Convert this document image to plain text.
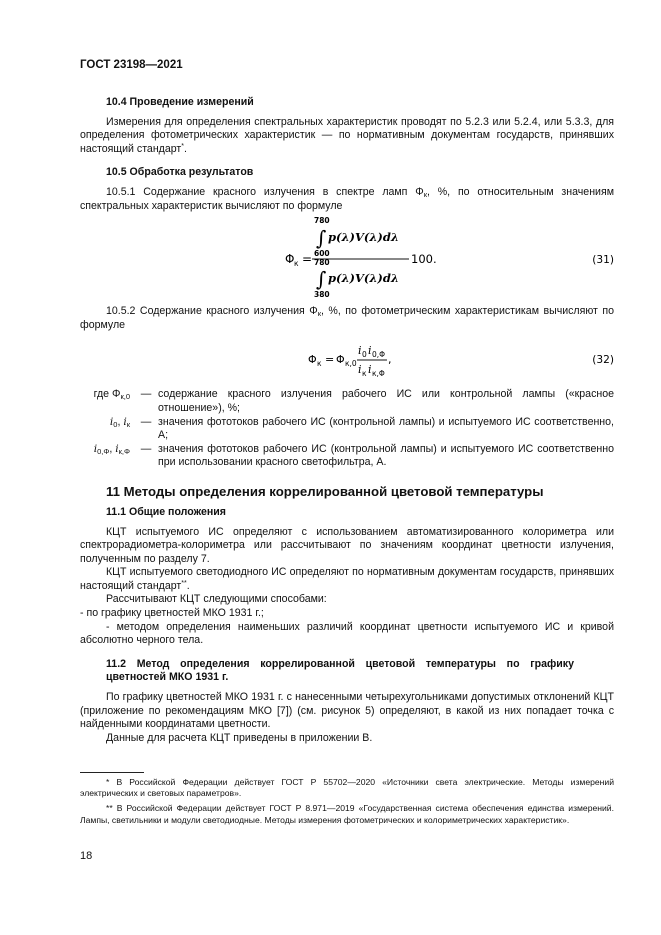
ГОСТ 23198—2021
10.4 Проведение измерений

Измерения для определения спектральных характеристик проводят по 5.2.3 или 5.2.4, или 5.3.3, для определения фотометрических характеристик — по нормативным документам государств, принявших настоящий стандарт*.

10.5 Обработка результатов

10.5.1 Содержание красного излучения в спектре ламп $\Phi_к$, %, по относительным значениям спектральных характеристик вычисляют по формуле

Φ к =
780
∫
600
p(λ)V(λ)dλ
780
∫
380
p(λ)V(λ)dλ
100.	(31)

10.5.2 Содержание красного излучения $\Phi_к$, %, по фотометрическим характеристикам вычисляют по формуле

Φ к = Φ к,0
i 0 i 0,Φ
i к i к,Φ
,	(32)
где $\Phi_{к,0}$	—	содержание красного излучения рабочего ИС или контрольной лампы («красное отношение»), %;
$i_0$, $i_к$	—	значения фототоков рабочего ИС (контрольной лампы) и испытуемого ИС соответственно, А;
$i_{0,\Phi}$, $i_{к,\Phi}$	—	значения фототоков рабочего ИС (контрольной лампы) и испытуемого ИС соответственно при использовании красного светофильтра, А.
11 Методы определения коррелированной цветовой температуры
11.1 Общие положения

КЦТ испытуемого ИС определяют с использованием автоматизированного колориметра или спектрорадиометра-колориметра или рассчитывают по значениям координат цветности излучения, полученным по разделу 7.

КЦТ испытуемого светодиодного ИС определяют по нормативным документам государств, принявших настоящий стандарт**.

Рассчитывают КЦТ следующими способами:

- по графику цветностей МКО 1931 г.;

- методом определения наименьших различий координат цветности испытуемого ИС и кривой абсолютно черного тела.

11.2 Метод определения коррелированной цветовой температуры по графику цветностей МКО 1931 г.

По графику цветностей МКО 1931 г. с нанесенными четырехугольниками допустимых отклонений КЦТ (приложение по рекомендациям МКО [7]) (см. рисунок 5) определяют, в какой из них попадает точка с найденными координатами цветности.

Данные для расчета КЦТ приведены в приложении В.

* В Российской Федерации действует ГОСТ Р 55702—2020 «Источники света электрические. Методы измерений электрических и световых параметров».

** В Российской Федерации действует ГОСТ Р 8.971—2019 «Государственная система обеспечения единства измерений. Лампы, светильники и модули светодиодные. Методы измерения фотометрических и колориметрических характеристик».

18
